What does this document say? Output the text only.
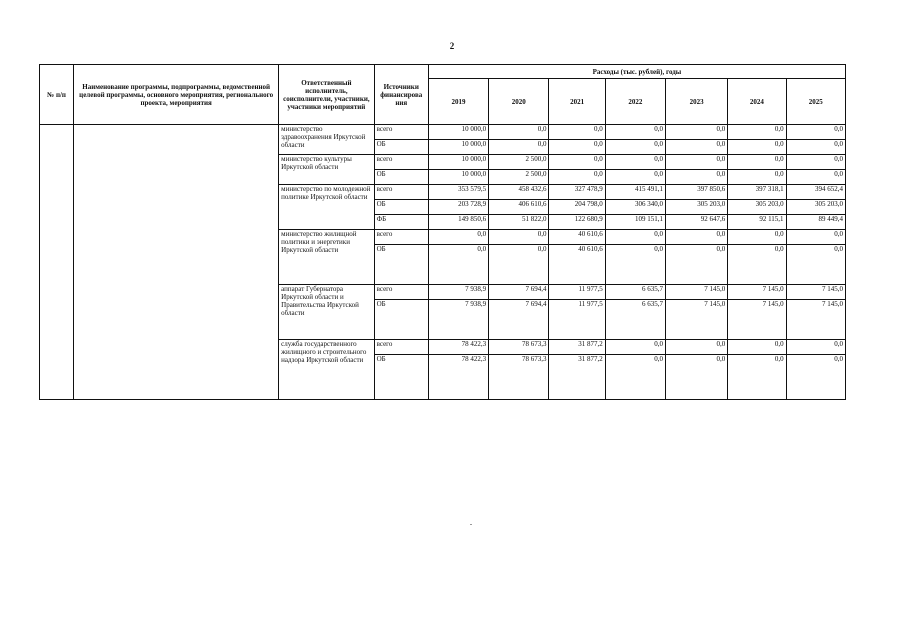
2
№ п/п	Наименование программы, подпрограммы, ведомственной целевой программы, основного мероприятия, регионального проекта, мероприятия	Ответственный исполнитель, соисполнители, участники, участники мероприятий	Источники финансирова ния	Расходы (тыс. рублей), годы						
				2019	2020	2021	2022	2023	2024	2025
		министерство здравоохранения Иркутской области	всего	10 000,0	0,0	0,0	0,0	0,0	0,0	0,0
			ОБ	10 000,0	0,0	0,0	0,0	0,0	0,0	0,0
		министерство культуры Иркутской области	всего	10 000,0	2 500,0	0,0	0,0	0,0	0,0	0,0
			ОБ	10 000,0	2 500,0	0,0	0,0	0,0	0,0	0,0
		министерство по молодежной политике Иркутской области	всего	353 579,5	458 432,6	327 478,9	415 491,1	397 850,6	397 318,1	394 652,4
			ОБ	203 728,9	406 610,6	204 798,0	306 340,0	305 203,0	305 203,0	305 203,0
			ФБ	149 850,6	51 822,0	122 680,9	109 151,1	92 647,6	92 115,1	89 449,4
		министерство жилищной политики и энергетики Иркутской области	всего	0,0	0,0	40 610,6	0,0	0,0	0,0	0,0
			ОБ	0,0	0,0	40 610,6	0,0	0,0	0,0	0,0
		аппарат Губернатора Иркутской области и Правительства Иркутской области	всего	7 938,9	7 694,4	11 977,5	6 635,7	7 145,0	7 145,0	7 145,0
			ОБ	7 938,9	7 694,4	11 977,5	6 635,7	7 145,0	7 145,0	7 145,0
		служба государственного жилищного и строительного надзора Иркутской области	всего	78 422,3	78 673,3	31 877,2	0,0	0,0	0,0	0,0
			ОБ	78 422,3	78 673,3	31 877,2	0,0	0,0	0,0	0,0
